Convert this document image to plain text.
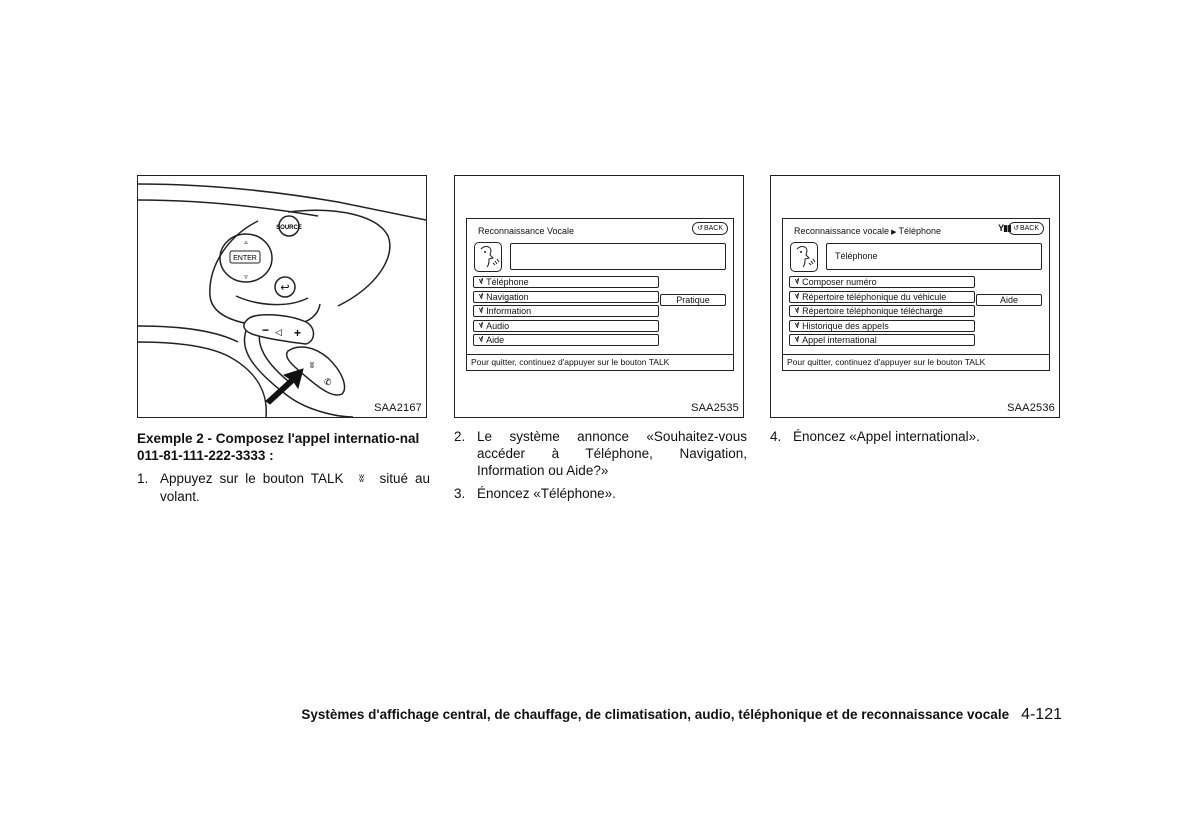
SOURCE
ENTER
▵
▿
↩
− ◁ +
ʬ
✆
SAA2167
Reconnaissance Vocale	↺ BACK
ᵞ/ Téléphone
ᵞ/ Navigation
ᵞ/ Information
ᵞ/ Audio
ᵞ/ Aide
Pratique
Pour quitter, continuez d'appuyer sur le bouton TALK
SAA2535
Reconnaissance vocale ▶ Téléphone	Y▮▮ ↺ BACK
Téléphone
ᵞ/ Composer numéro
ᵞ/ Répertoire téléphonique du véhicule
ᵞ/ Répertoire téléphonique téléchargé
ᵞ/ Historique des appels
ᵞ/ Appel international
Aide
Pour quitter, continuez d'appuyer sur le bouton TALK
SAA2536
Exemple 2 - Composez l'appel internatio-nal 011-81-111-222-3333 :
1. Appuyez sur le bouton TALK ʬ situé au volant.
2. Le système annonce «Souhaitez-vous accéder à Téléphone, Navigation, Information ou Aide?»
3. Énoncez «Téléphone».
4. Énoncez «Appel international».
Systèmes d'affichage central, de chauffage, de climatisation, audio, téléphonique et de reconnaissance vocale 4-121
